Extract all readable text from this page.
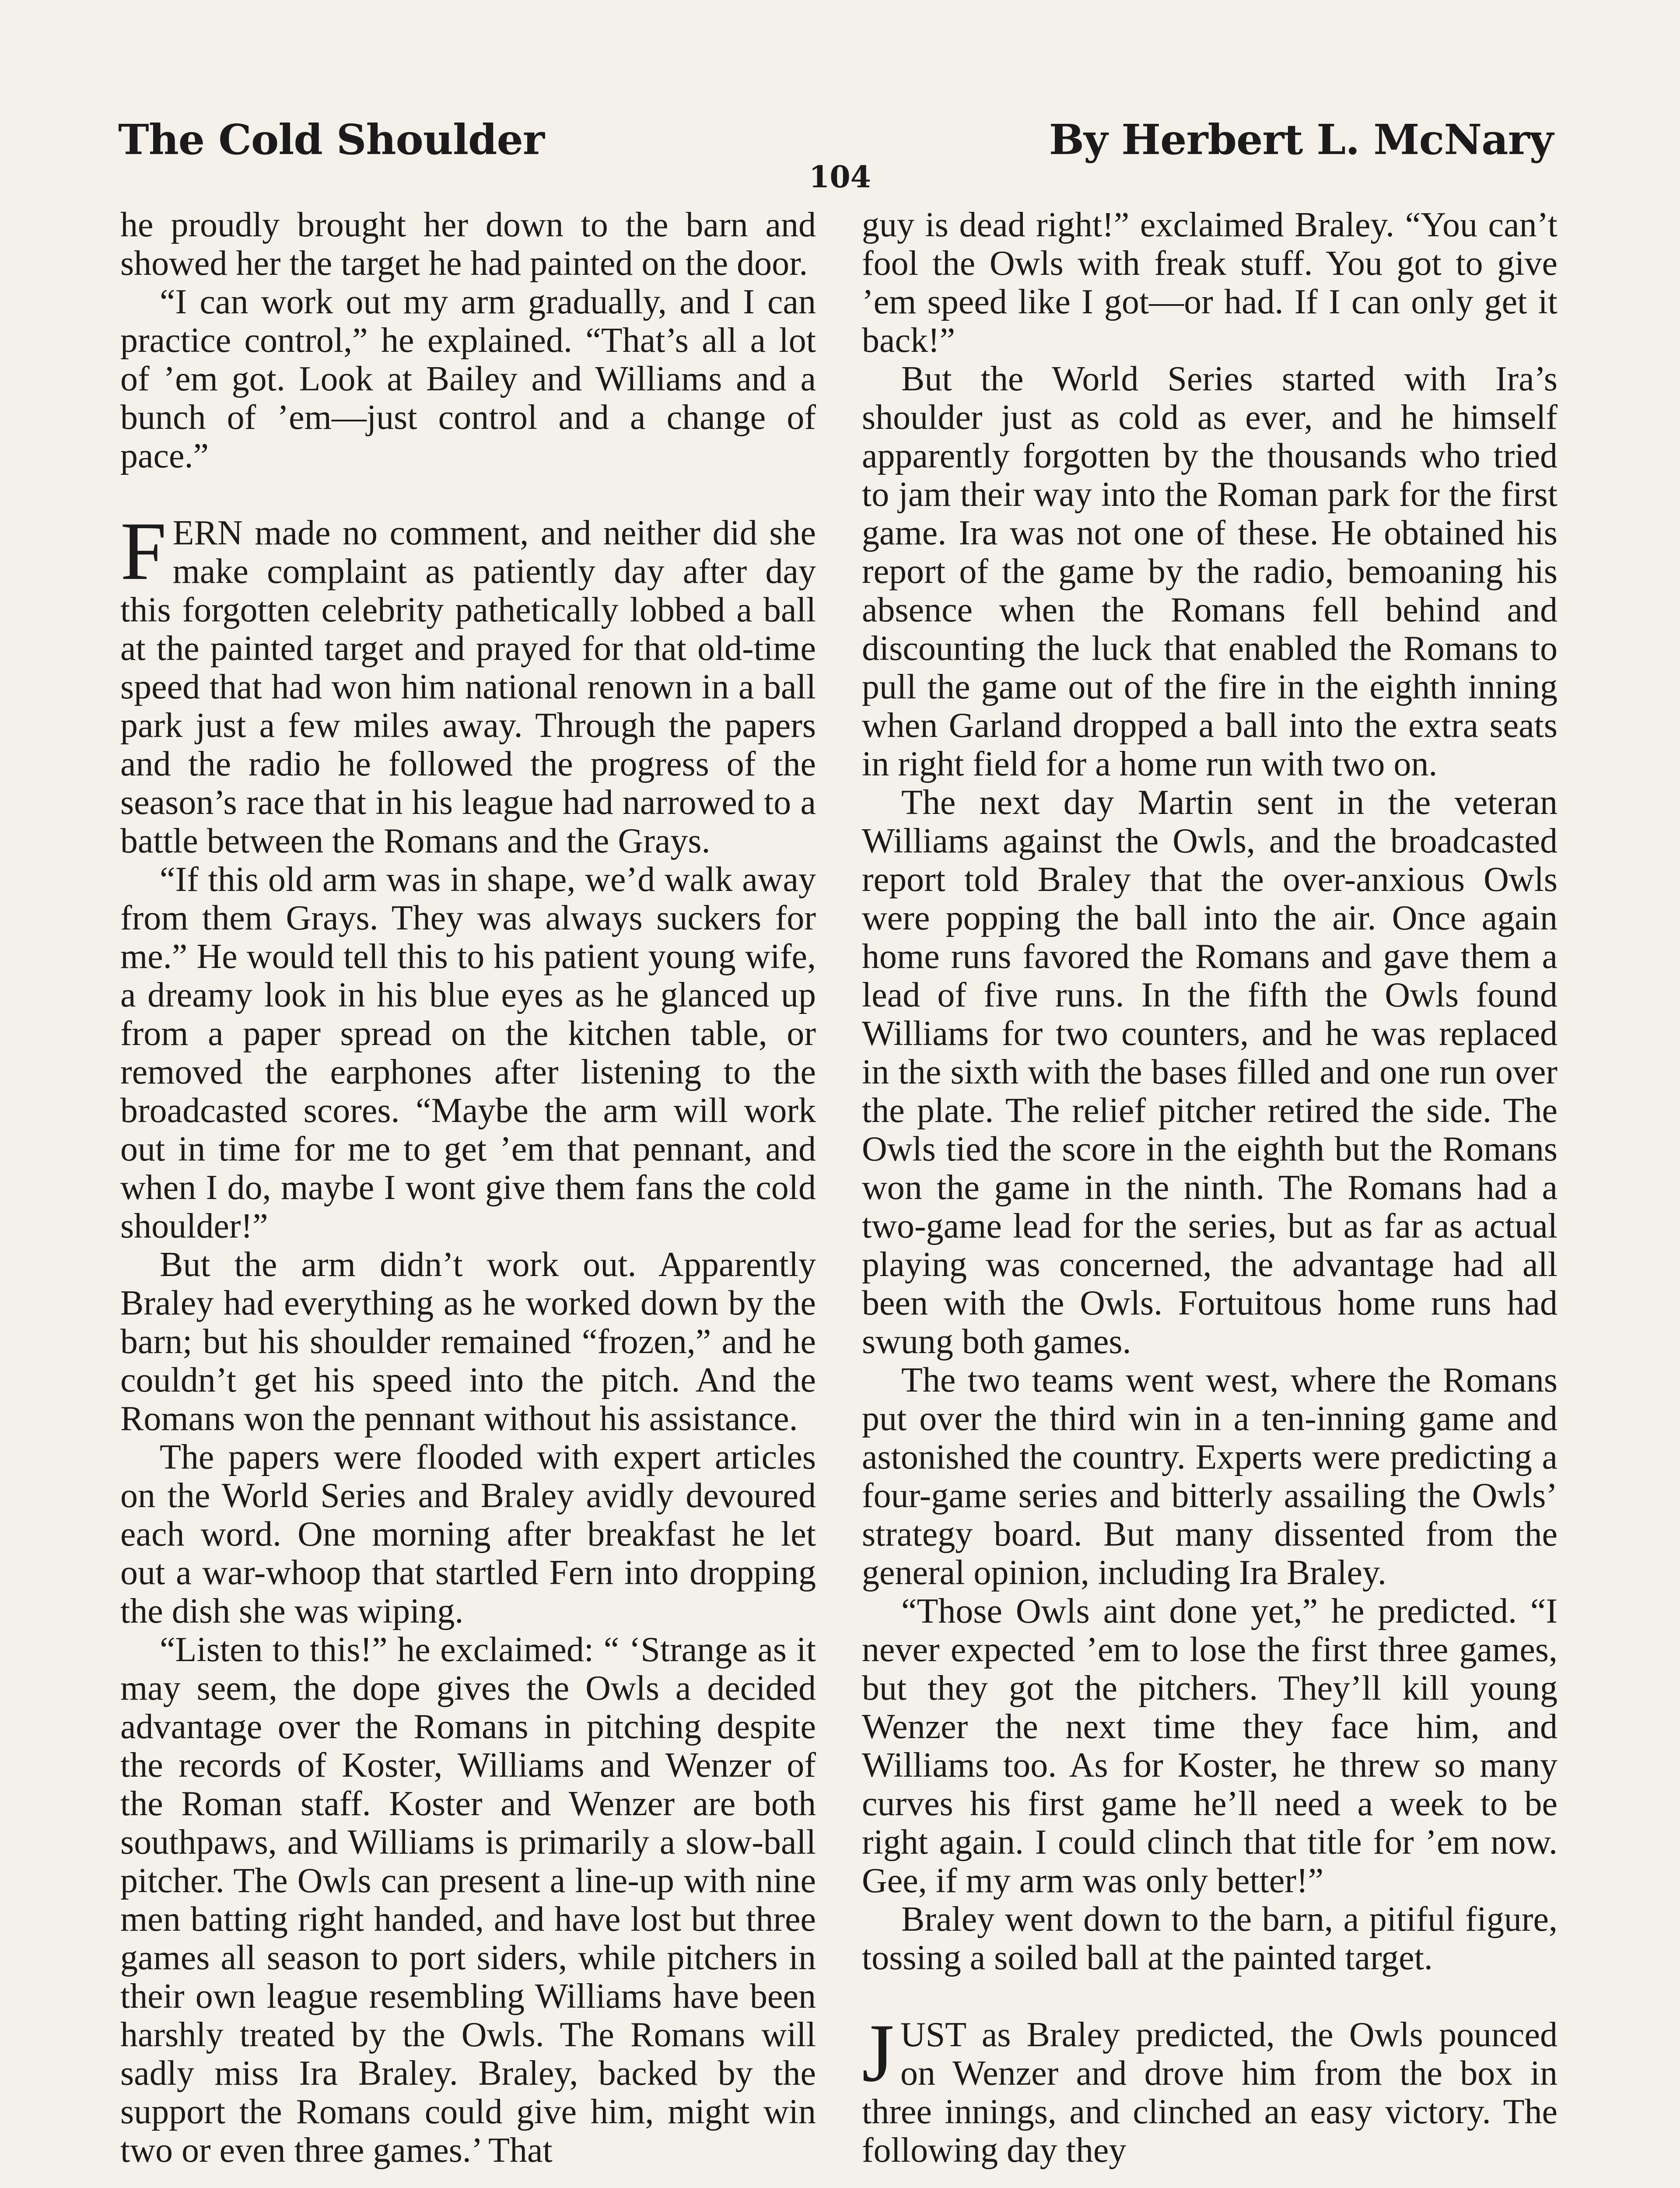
The Cold Shoulder	By Herbert L. McNary
104

he proudly brought her down to the barn and showed her the target he had painted on the door.

“I can work out my arm gradually, and I can practice control,” he explained. “That’s all a lot of ’em got. Look at Bailey and Williams and a bunch of ’em—just control and a change of pace.”

FERN made no comment, and neither did she make complaint as patiently day after day this forgotten celebrity pathetically lobbed a ball at the painted target and prayed for that old-time speed that had won him national renown in a ball park just a few miles away. Through the papers and the radio he followed the progress of the season’s race that in his league had narrowed to a battle between the Romans and the Grays.

“If this old arm was in shape, we’d walk away from them Grays. They was always suckers for me.” He would tell this to his patient young wife, a dreamy look in his blue eyes as he glanced up from a paper spread on the kitchen table, or removed the earphones after listening to the broadcasted scores. “Maybe the arm will work out in time for me to get ’em that pennant, and when I do, maybe I wont give them fans the cold shoulder!”

But the arm didn’t work out. Apparently Braley had everything as he worked down by the barn; but his shoulder remained “frozen,” and he couldn’t get his speed into the pitch. And the Romans won the pennant without his assistance.

The papers were flooded with expert articles on the World Series and Braley avidly devoured each word. One morning after breakfast he let out a war-whoop that startled Fern into dropping the dish she was wiping.

“Listen to this!” he exclaimed: “ ‘Strange as it may seem, the dope gives the Owls a decided advantage over the Romans in pitching despite the records of Koster, Williams and Wenzer of the Roman staff. Koster and Wenzer are both southpaws, and Williams is primarily a slow-ball pitcher. The Owls can present a line-up with nine men batting right handed, and have lost but three games all season to port siders, while pitchers in their own league resembling Williams have been harshly treated by the Owls. The Romans will sadly miss Ira Braley. Braley, backed by the support the Romans could give him, might win two or even three games.’ That

guy is dead right!” exclaimed Braley. “You can’t fool the Owls with freak stuff. You got to give ’em speed like I got—or had. If I can only get it back!”

But the World Series started with Ira’s shoulder just as cold as ever, and he himself apparently forgotten by the thousands who tried to jam their way into the Roman park for the first game. Ira was not one of these. He obtained his report of the game by the radio, bemoaning his absence when the Romans fell behind and discounting the luck that enabled the Romans to pull the game out of the fire in the eighth inning when Garland dropped a ball into the extra seats in right field for a home run with two on.

The next day Martin sent in the veteran Williams against the Owls, and the broadcasted report told Braley that the over-anxious Owls were popping the ball into the air. Once again home runs favored the Romans and gave them a lead of five runs. In the fifth the Owls found Williams for two counters, and he was replaced in the sixth with the bases filled and one run over the plate. The relief pitcher retired the side. The Owls tied the score in the eighth but the Romans won the game in the ninth. The Romans had a two-game lead for the series, but as far as actual playing was concerned, the advantage had all been with the Owls. Fortuitous home runs had swung both games.

The two teams went west, where the Romans put over the third win in a ten-inning game and astonished the country. Experts were predicting a four-game series and bitterly assailing the Owls’ strategy board. But many dissented from the general opinion, including Ira Braley.

“Those Owls aint done yet,” he predicted. “I never expected ’em to lose the first three games, but they got the pitchers. They’ll kill young Wenzer the next time they face him, and Williams too. As for Koster, he threw so many curves his first game he’ll need a week to be right again. I could clinch that title for ’em now. Gee, if my arm was only better!”

Braley went down to the barn, a pitiful figure, tossing a soiled ball at the painted target.

JUST as Braley predicted, the Owls pounced on Wenzer and drove him from the box in three innings, and clinched an easy victory. The following day they
